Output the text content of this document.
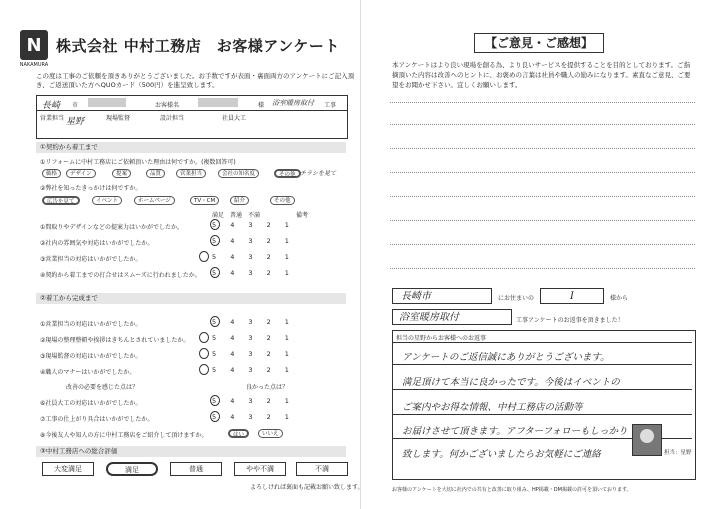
N 株式会社 中村工務店　お客様アンケート
NAKAMURA
この度は工事のご依頼を頂きありがとうございました。お手数ですが表面・裏面両方のアンケートにご記入頂き、ご返送頂いた方へQUOカード（500円）を進呈致します。
長崎 市	お客様名	様 浴室暖房取付 工事
営業担当 星野	現場監督	設計担当	社員大工
①契約から着工まで
①リフォームに中村工務店にご依頼頂いた理由は何ですか。(複数回答可)
価格	デザイン	提案	品質	営業担当	会社の知名度	その他 チラシを見て
②弊社を知ったきっかけは何ですか。
広告を見て	イベント	ホームページ	TV・CM	紹介	その他
満足　普通　不満	備考
①間取りやデザインなどの提案力はいかがでしたか。	5 4 3 2 1
②社内の雰囲気や対応はいかがでしたか。	5 4 3 2 1
③営業担当の対応はいかがでしたか。	5 4 3 2 1
④契約から着工までの打合せはスムーズに行われましたか。 5 4 3 2 1
②着工から完成まで
①営業担当の対応はいかがでしたか。	5 4 3 2 1
②現場の整理整頓や挨拶はきちんとされていましたか。	5 4 3 2 1
③現場監督の対応はいかがでしたか。	5 4 3 2 1
④職人のマナーはいかがでしたか。	5 4 3 2 1
改善の必要を感じた点は？	良かった点は？
⑥社員大工の対応はいかがでしたか。	5 4 3 2 1
⑦工事の仕上がり具合はいかがでしたか。	5 4 3 2 1
⑧今後友人や知人の方に中村工務店をご紹介して頂けますか。	はい	いいえ
③中村工務店への総合評価
大変満足	満足	普通	やや不満	不満
よろしければ裏面も記載お願い致します。
【ご意見・ご感想】
本アンケートはより良い現場を創る為、より良いサービスを提供することを目的としております。ご指摘頂いた内容は改善へのヒントに、お褒めの言葉は社員や職人の励みになります。素直なご意見、ご要望をお聞かせ下さい。宜しくお願いします。
長崎市	にお住まいの	I	様から
浴室暖房取付	工事アンケートのお返事を頂きました！
担当の星野からお客様へのお返事
アンケートのご返信誠にありがとうございます。
満足頂けて本当に良かったです。今後はイベントの
ご案内やお得な情報、中村工務店の活動等
お届けさせて頂きます。アフターフォローもしっかり
致します。何かございましたらお気軽にご連絡	担当：星野
お客様のアンケートを大切に社内での共有と改善に取り組み、HP掲載・DM掲載の許可を頂いております。
